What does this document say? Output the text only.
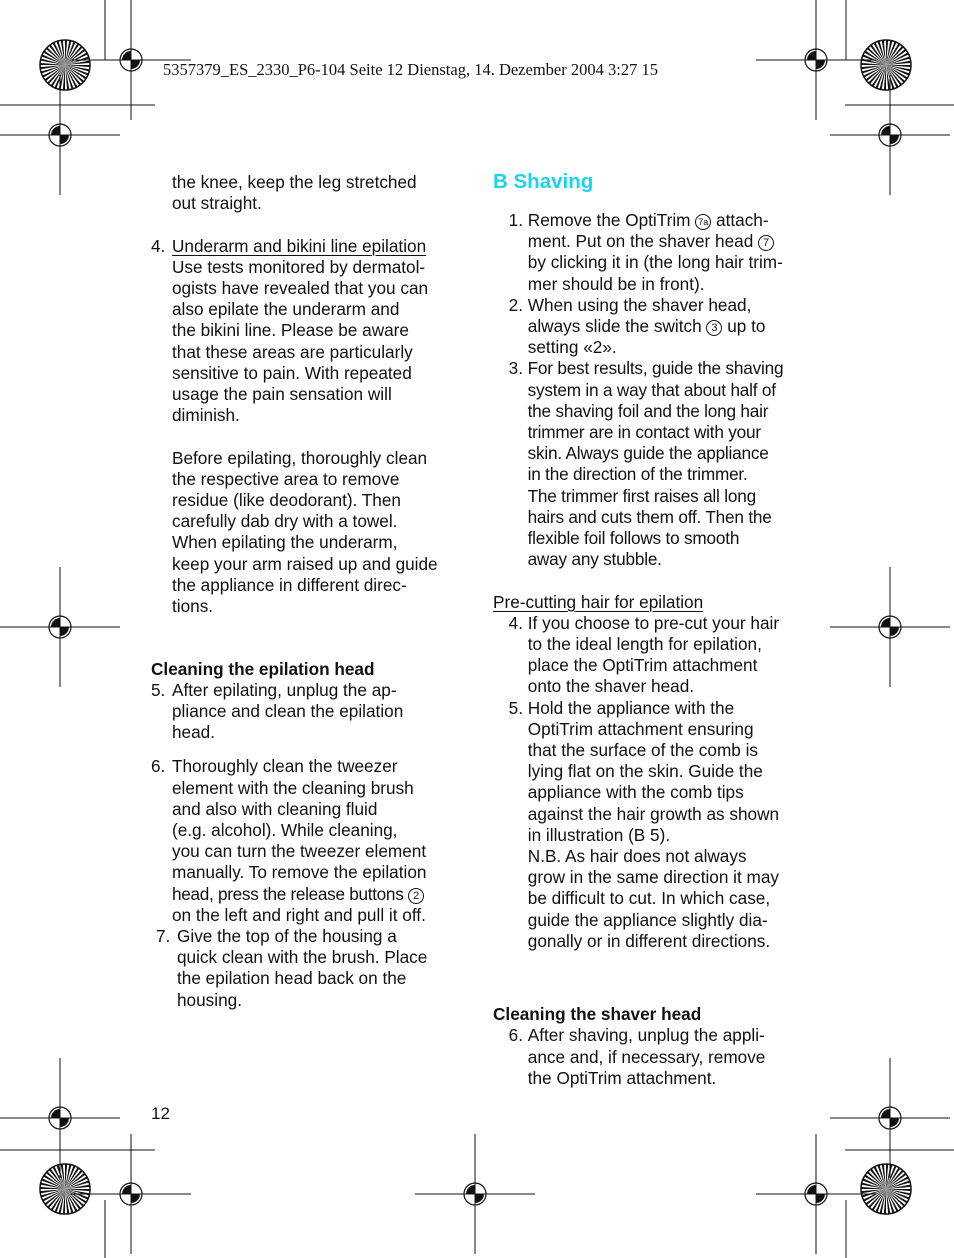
5357379_ES_2330_P6-104 Seite 12 Dienstag, 14. Dezember 2004 3:27 15
the knee, keep the leg stretched
out straight.
4. Underarm and bikini line epilation
Use tests monitored by dermatol-
ogists have revealed that you can
also epilate the underarm and
the bikini line. Please be aware
that these areas are particularly
sensitive to pain. With repeated
usage the pain sensation will
diminish.
Before epilating, thoroughly clean
the respective area to remove
residue (like deodorant). Then
carefully dab dry with a towel.
When epilating the underarm,
keep your arm raised up and guide
the appliance in different direc-
tions.
Cleaning the epilation head
5. After epilating, unplug the ap-
pliance and clean the epilation
head.
6. Thoroughly clean the tweezer
element with the cleaning brush
and also with cleaning fluid
(e.g. alcohol). While cleaning,
you can turn the tweezer element
manually. To remove the epilation
head, press the release buttons 2
on the left and right and pull it off.
7. Give the top of the housing a
quick clean with the brush. Place
the epilation head back on the
housing.
B Shaving
1. Remove the OptiTrim 7a attach-
ment. Put on the shaver head 7
by clicking it in (the long hair trim-
mer should be in front).
2. When using the shaver head,
always slide the switch 3 up to
setting «2».
3. For best results, guide the shaving
system in a way that about half of
the shaving foil and the long hair
trimmer are in contact with your
skin. Always guide the appliance
in the direction of the trimmer.
The trimmer first raises all long
hairs and cuts them off. Then the
flexible foil follows to smooth
away any stubble.
Pre-cutting hair for epilation
4. If you choose to pre-cut your hair
to the ideal length for epilation,
place the OptiTrim attachment
onto the shaver head.
5. Hold the appliance with the
OptiTrim attachment ensuring
that the surface of the comb is
lying flat on the skin. Guide the
appliance with the comb tips
against the hair growth as shown
in illustration (B 5).
N.B. As hair does not always
grow in the same direction it may
be difficult to cut. In which case,
guide the appliance slightly dia-
gonally or in different directions.
Cleaning the shaver head
6. After shaving, unplug the appli-
ance and, if necessary, remove
the OptiTrim attachment.
12
